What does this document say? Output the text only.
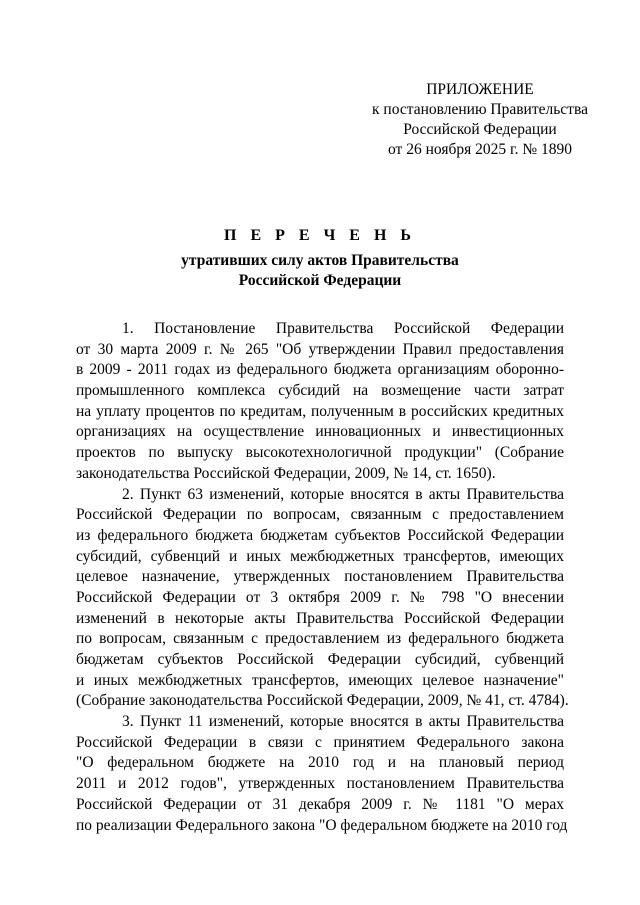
ПРИЛОЖЕНИЕ
к постановлению Правительства
Российской Федерации
от 26 ноября 2025 г. № 1890
П Е Р Е Ч Е Н Ь
утративших силу актов Правительства
Российской Федерации
1. Постановление Правительства Российской Федерации
от 30 марта 2009 г. № 265 "Об утверждении Правил предоставления
в 2009 - 2011 годах из федерального бюджета организациям оборонно-
промышленного комплекса субсидий на возмещение части затрат
на уплату процентов по кредитам, полученным в российских кредитных
организациях на осуществление инновационных и инвестиционных
проектов по выпуску высокотехнологичной продукции" (Собрание
законодательства Российской Федерации, 2009, № 14, ст. 1650).
2. Пункт 63 изменений, которые вносятся в акты Правительства
Российской Федерации по вопросам, связанным с предоставлением
из федерального бюджета бюджетам субъектов Российской Федерации
субсидий, субвенций и иных межбюджетных трансфертов, имеющих
целевое назначение, утвержденных постановлением Правительства
Российской Федерации от 3 октября 2009 г. № 798 "О внесении
изменений в некоторые акты Правительства Российской Федерации
по вопросам, связанным с предоставлением из федерального бюджета
бюджетам субъектов Российской Федерации субсидий, субвенций
и иных межбюджетных трансфертов, имеющих целевое назначение"
(Собрание законодательства Российской Федерации, 2009, № 41, ст. 4784).
3. Пункт 11 изменений, которые вносятся в акты Правительства
Российской Федерации в связи с принятием Федерального закона
"О федеральном бюджете на 2010 год и на плановый период
2011 и 2012 годов", утвержденных постановлением Правительства
Российской Федерации от 31 декабря 2009 г. № 1181 "О мерах
по реализации Федерального закона "О федеральном бюджете на 2010 год
